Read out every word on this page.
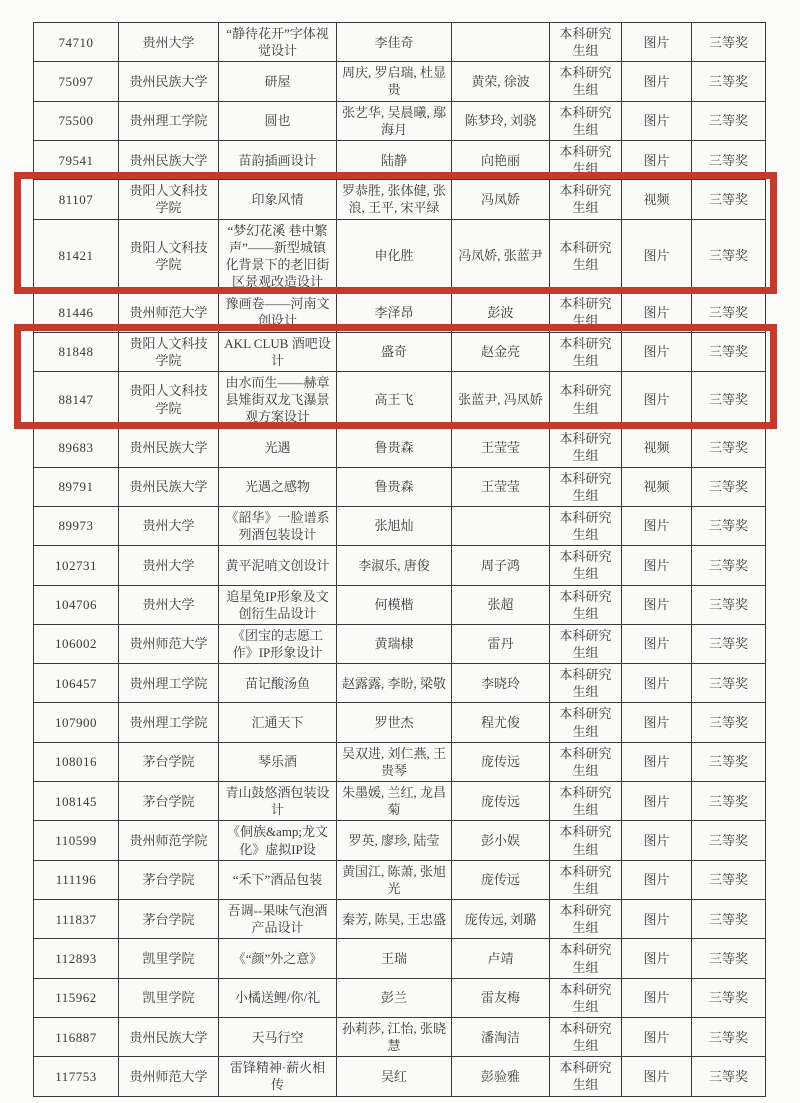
74710	贵州大学	“静待花开”字体视觉设计	李佳奇		本科研究生组	图片	三等奖
75097	贵州民族大学	研屋	周庆, 罗启瑞, 杜显贵	黄荣, 徐波	本科研究生组	图片	三等奖
75500	贵州理工学院	圆也	张艺华, 吴晨曦, 鄢海月	陈梦玲, 刘骁	本科研究生组	图片	三等奖
79541	贵州民族大学	苗韵插画设计	陆静	向艳丽	本科研究生组	图片	三等奖
81107	贵阳人文科技学院	印象风情	罗恭胜, 张体健, 张浪, 王平, 宋平绿	冯凤娇	本科研究生组	视频	三等奖
81421	贵阳人文科技学院	“梦幻花溪 巷中繁声”——新型城镇化背景下的老旧街区景观改造设计	申化胜	冯凤娇, 张蓝尹	本科研究生组	图片	三等奖
81446	贵州师范大学	豫画卷——河南文创设计	李泽昂	彭波	本科研究生组	图片	三等奖
81848	贵阳人文科技学院	AKL CLUB 酒吧设计	盛奇	赵金亮	本科研究生组	图片	三等奖
88147	贵阳人文科技学院	由水而生——赫章县雉街双龙飞瀑景观方案设计	高王飞	张蓝尹, 冯凤娇	本科研究生组	图片	三等奖
89683	贵州民族大学	光遇	鲁贵森	王莹莹	本科研究生组	视频	三等奖
89791	贵州民族大学	光遇之感物	鲁贵森	王莹莹	本科研究生组	视频	三等奖
89973	贵州大学	《韶华》一脸谱系列酒包装设计	张旭灿		本科研究生组	图片	三等奖
102731	贵州大学	黄平泥哨文创设计	李淑乐, 唐俊	周子鸿	本科研究生组	图片	三等奖
104706	贵州大学	追星兔IP形象及文创衍生品设计	何模楷	张超	本科研究生组	图片	三等奖
106002	贵州师范大学	《团宝的志愿工作》IP形象设计	黄瑞棣	雷丹	本科研究生组	图片	三等奖
106457	贵州理工学院	苗记酸汤鱼	赵露露, 李盼, 梁敬	李晓玲	本科研究生组	图片	三等奖
107900	贵州理工学院	汇通天下	罗世杰	程尤俊	本科研究生组	图片	三等奖
108016	茅台学院	琴乐酒	吴双进, 刘仁燕, 王贵琴	庞传远	本科研究生组	图片	三等奖
108145	茅台学院	青山鼓悠酒包装设计	朱墨媛, 兰红, 龙昌菊	庞传远	本科研究生组	图片	三等奖
110599	贵州师范学院	《侗族&amp;龙文化》虚拟IP设	罗英, 廖珍, 陆莹	彭小娱	本科研究生组	图片	三等奖
111196	茅台学院	“禾下”酒品包装	黄国江, 陈萧, 张旭光	庞传远	本科研究生组	图片	三等奖
111837	茅台学院	吾调--果味气泡酒产品设计	秦芳, 陈昊, 王忠盛	庞传远, 刘璐	本科研究生组	图片	三等奖
112893	凯里学院	《“颜”外之意》	王瑞	卢靖	本科研究生组	图片	三等奖
115962	凯里学院	小橘送鲤/你/礼	彭兰	雷友梅	本科研究生组	图片	三等奖
116887	贵州民族大学	天马行空	孙莉莎, 江怡, 张晓慧	潘淘洁	本科研究生组	图片	三等奖
117753	贵州师范大学	雷锋精神·薪火相传	吴红	彭验雅	本科研究生组	图片	三等奖
